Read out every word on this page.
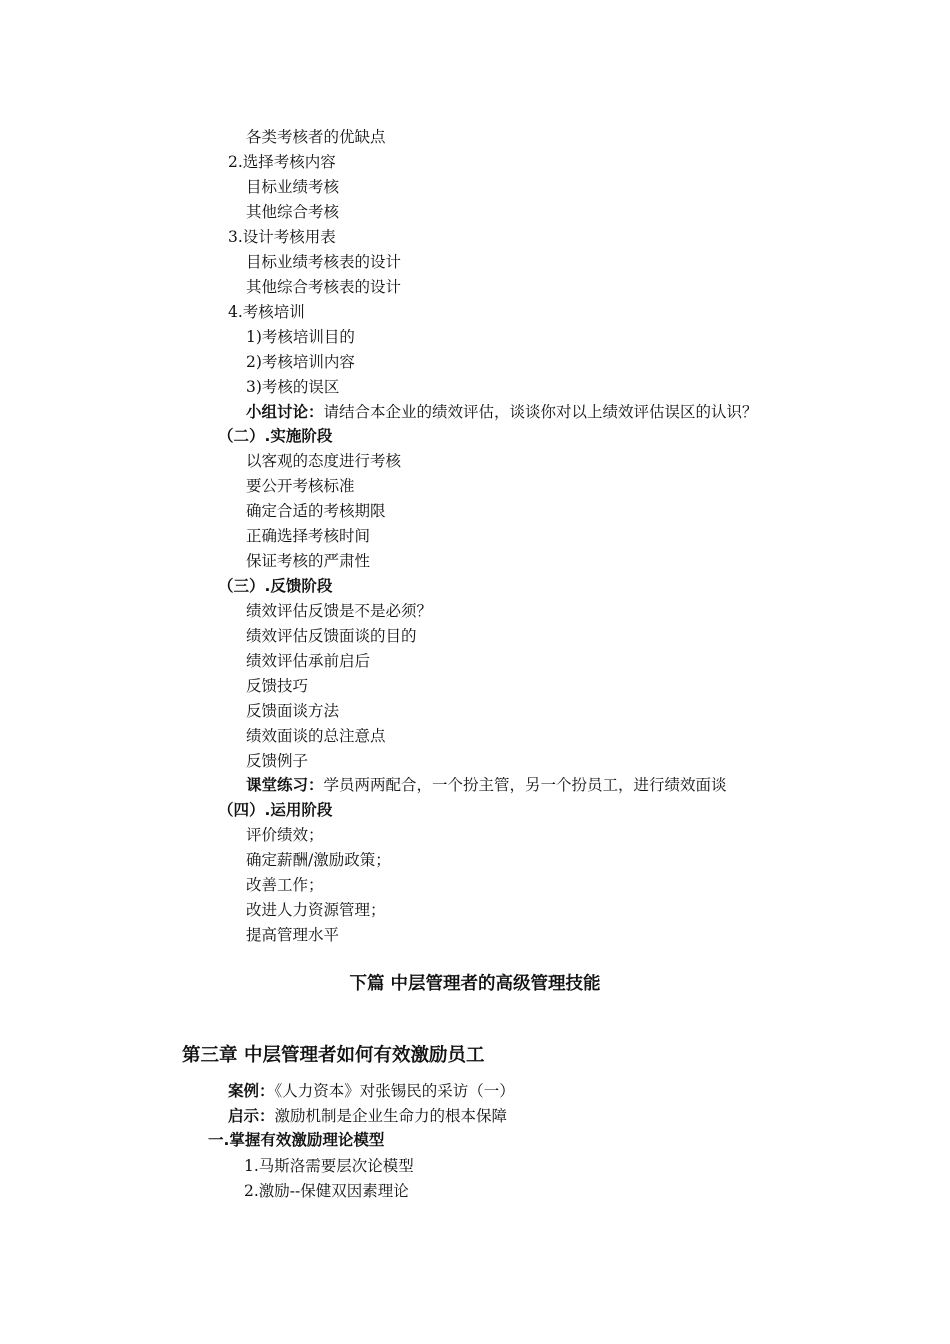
各类考核者的优缺点
2.选择考核内容
目标业绩考核
其他综合考核
3.设计考核用表
目标业绩考核表的设计
其他综合考核表的设计
4.考核培训
1)考核培训目的
2)考核培训内容
3)考核的误区
小组讨论：请结合本企业的绩效评估，谈谈你对以上绩效评估误区的认识？
（二）.实施阶段
以客观的态度进行考核
要公开考核标准
确定合适的考核期限
正确选择考核时间
保证考核的严肃性
（三）.反馈阶段
绩效评估反馈是不是必须？
绩效评估反馈面谈的目的
绩效评估承前启后
反馈技巧
反馈面谈方法
绩效面谈的总注意点
反馈例子
课堂练习：学员两两配合，一个扮主管，另一个扮员工，进行绩效面谈
（四）.运用阶段
评价绩效；
确定薪酬/激励政策；
改善工作；
改进人力资源管理；
提高管理水平
下篇 中层管理者的高级管理技能
第三章 中层管理者如何有效激励员工
案例：《人力资本》对张锡民的采访（一）
启示：激励机制是企业生命力的根本保障
一.掌握有效激励理论模型
1.马斯洛需要层次论模型
2.激励--保健双因素理论
